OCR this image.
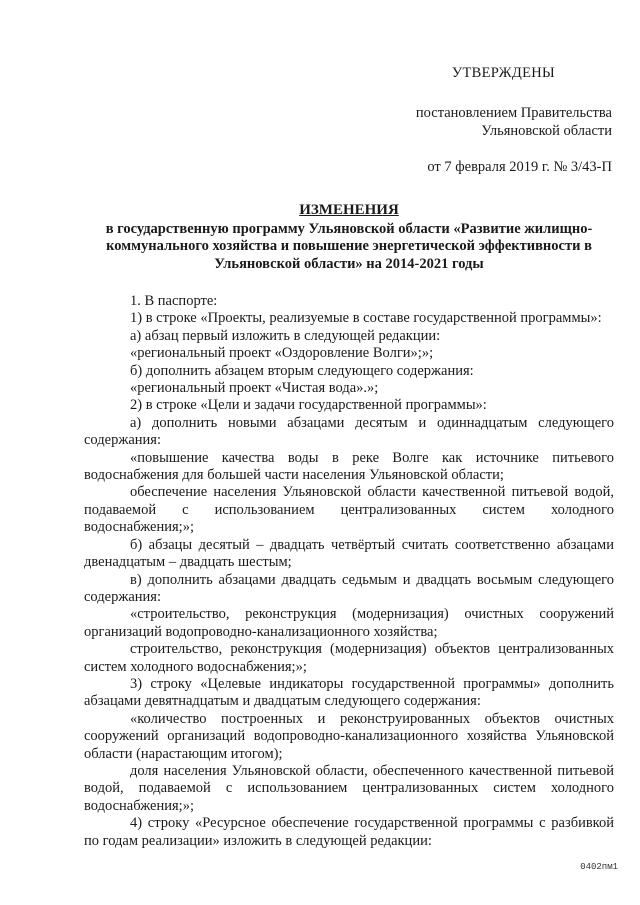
УТВЕРЖДЕНЫ
постановлением Правительства Ульяновской области
от 7 февраля 2019 г. № 3/43-П
ИЗМЕНЕНИЯ
в государственную программу Ульяновской области «Развитие жилищно-коммунального хозяйства и повышение энергетической эффективности в Ульяновской области» на 2014-2021 годы

1. В паспорте:

1) в строке «Проекты, реализуемые в составе государственной программы»:

а) абзац первый изложить в следующей редакции:

«региональный проект «Оздоровление Волги»;»;

б) дополнить абзацем вторым следующего содержания:

«региональный проект «Чистая вода».»;

2) в строке «Цели и задачи государственной программы»:

а) дополнить новыми абзацами десятым и одиннадцатым следующего содержания:

«повышение качества воды в реке Волге как источнике питьевого водоснабжения для большей части населения Ульяновской области;

обеспечение населения Ульяновской области качественной питьевой водой, подаваемой с использованием централизованных систем холодного водоснабжения;»;

б) абзацы десятый – двадцать четвёртый считать соответственно абзацами двенадцатым – двадцать шестым;

в) дополнить абзацами двадцать седьмым и двадцать восьмым следующего содержания:

«строительство, реконструкция (модернизация) очистных сооружений организаций водопроводно-канализационного хозяйства;

строительство, реконструкция (модернизация) объектов централизованных систем холодного водоснабжения;»;

3) строку «Целевые индикаторы государственной программы» дополнить абзацами девятнадцатым и двадцатым следующего содержания:

«количество построенных и реконструированных объектов очистных сооружений организаций водопроводно-канализационного хозяйства Ульяновской области (нарастающим итогом);

доля населения Ульяновской области, обеспеченного качественной питьевой водой, подаваемой с использованием централизованных систем холодного водоснабжения;»;

4) строку «Ресурсное обеспечение государственной программы с разбивкой по годам реализации» изложить в следующей редакции:

0402пм1
